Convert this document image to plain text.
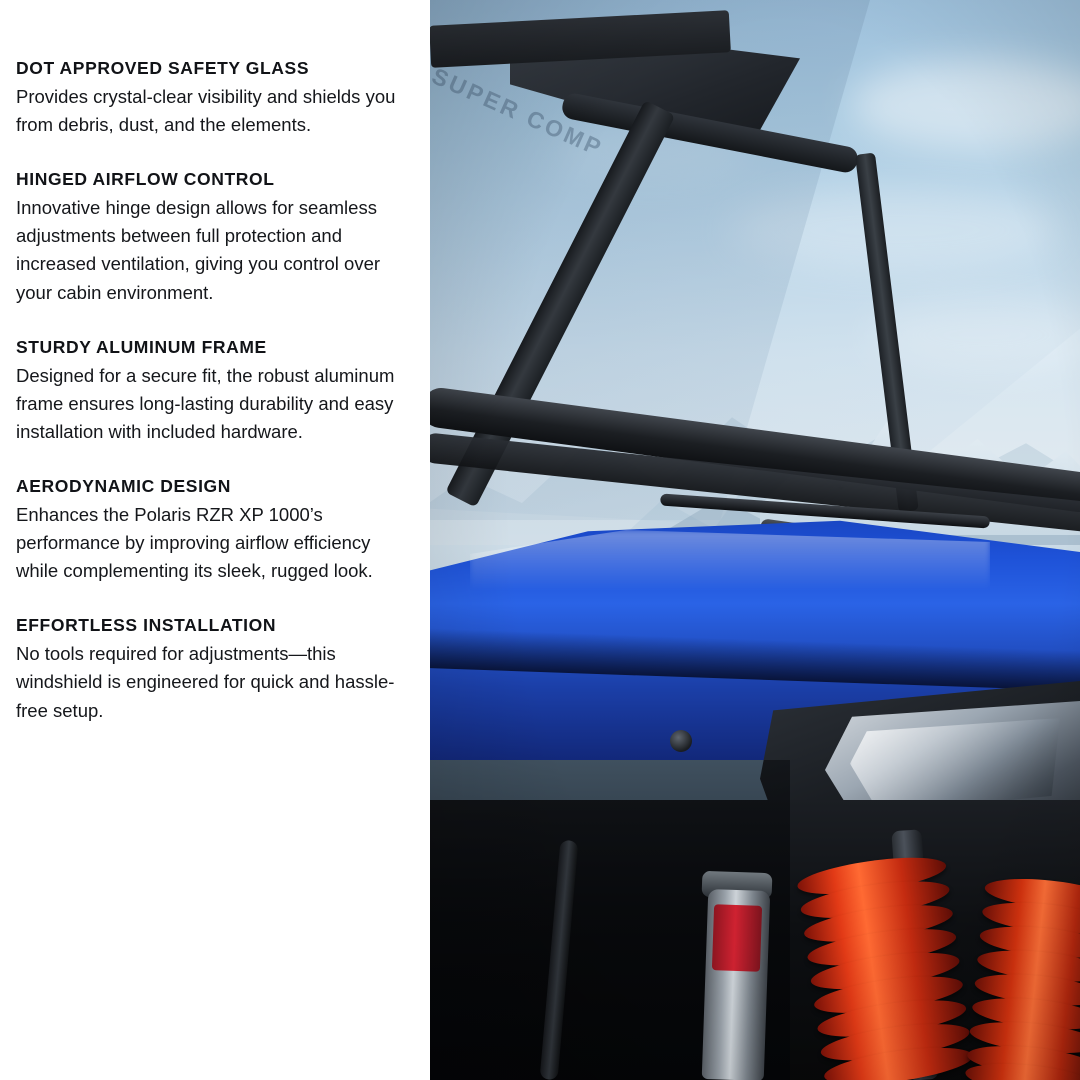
DOT APPROVED SAFETY GLASS

Provides crystal-clear visibility and shields you from debris, dust, and the elements.

HINGED AIRFLOW CONTROL

Innovative hinge design allows for seamless adjustments between full protection and increased ventilation, giving you control over your cabin environment.

STURDY ALUMINUM FRAME

Designed for a secure fit, the robust aluminum frame ensures long-lasting durability and easy installation with included hardware.

AERODYNAMIC DESIGN

Enhances the Polaris RZR XP 1000’s performance by improving airflow efficiency while complementing its sleek, rugged look.

EFFORTLESS INSTALLATION

No tools required for adjustments—this windshield is engineered for quick and hassle-free setup.
